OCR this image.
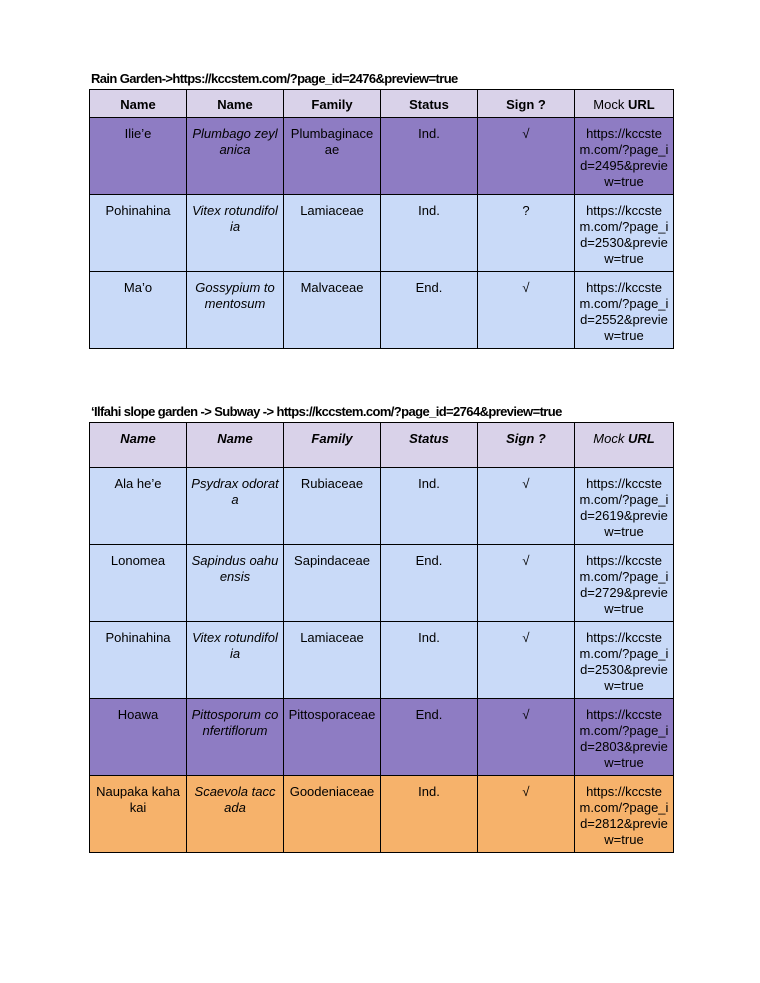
Rain Garden->https://kccstem.com/?page_id=2476&preview=true
Name	Name	Family	Status	Sign ?	Mock URL
Ilie’e	Plumbago zeylanica	Plumbaginaceae	Ind.	√	https://kccstem.com/?page_id=2495&preview=true
Pohinahina	Vitex rotundifolia	Lamiaceae	Ind.	?	https://kccstem.com/?page_id=2530&preview=true
Ma’o	Gossypium tomentosum	Malvaceae	End.	√	https://kccstem.com/?page_id=2552&preview=true
‘Ilfahi slope garden -> Subway -> https://kccstem.com/?page_id=2764&preview=true
Name	Name	Family	Status	Sign ?	Mock URL
Ala he’e	Psydrax odorata	Rubiaceae	Ind.	√	https://kccstem.com/?page_id=2619&preview=true
Lonomea	Sapindus oahuensis	Sapindaceae	End.	√	https://kccstem.com/?page_id=2729&preview=true
Pohinahina	Vitex rotundifolia	Lamiaceae	Ind.	√	https://kccstem.com/?page_id=2530&preview=true
Hoawa	Pittosporum confertiflorum	Pittosporaceae	End.	√	https://kccstem.com/?page_id=2803&preview=true
Naupaka kahakai	Scaevola taccada	Goodeniaceae	Ind.	√	https://kccstem.com/?page_id=2812&preview=true
